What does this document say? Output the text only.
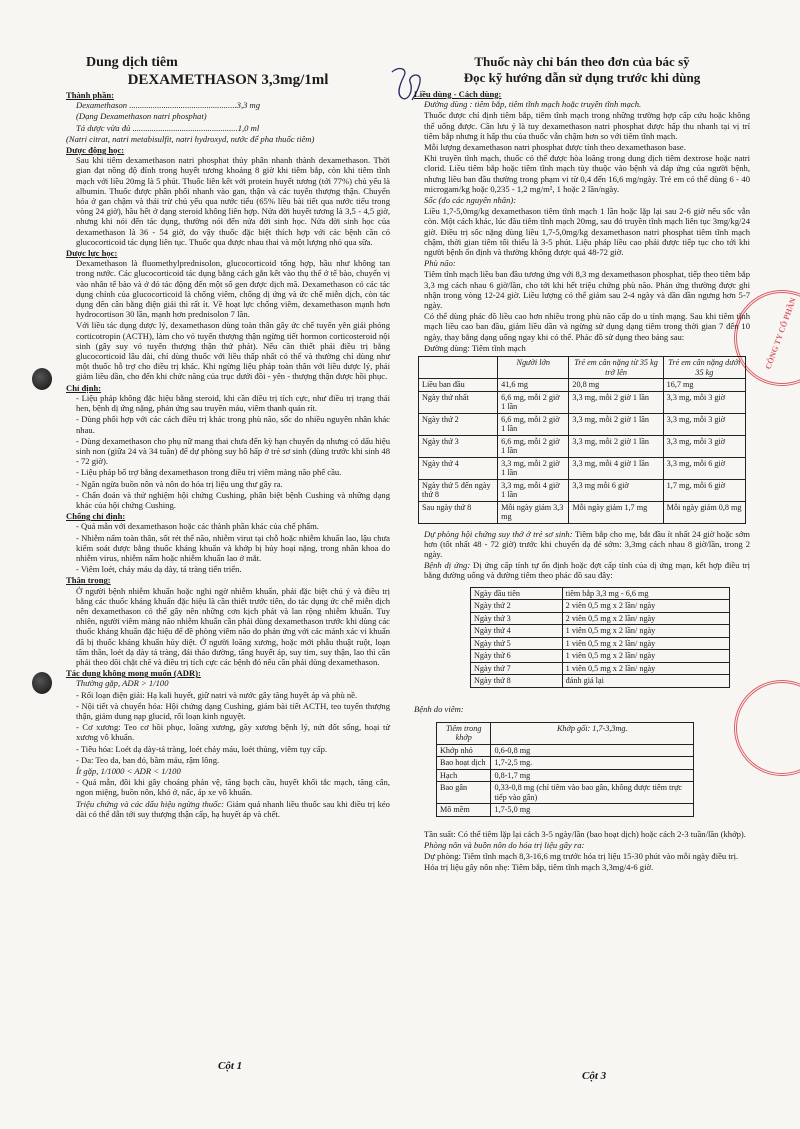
CÔNG TY CỔ PHẦN
Dung dịch tiêm
DEXAMETHASON 3,3mg/1ml
Thành phần:

Dexamethason ..................................................3,3 mg

(Dạng Dexamethason natri phosphat)

Tá dược vừa đủ .................................................1,0 ml

(Natri citrat, natri metabisulfit, natri hydroxyd, nước để pha thuốc tiêm)

Dược động học:

Sau khi tiêm dexamethason natri phosphat thủy phân nhanh thành dexamethason. Thời gian đạt nồng độ đỉnh trong huyết tương khoảng 8 giờ khi tiêm bắp, còn khi tiêm tĩnh mạch với liều 20mg là 5 phút. Thuốc liên kết với protein huyết tương (tới 77%) chủ yếu là albumin. Thuốc được phân phối nhanh vào gan, thận và các tuyến thượng thận. Chuyển hóa ở gan chậm và thải trừ chủ yếu qua nước tiểu (65% liều bài tiết qua nước tiểu trong vòng 24 giờ), hầu hết ở dạng steroid không liên hợp. Nửa đời huyết tương là 3,5 - 4,5 giờ, nhưng khi nói đến tác dụng, thường nói đến nửa đời sinh học. Nửa đời sinh học của dexamethason là 36 - 54 giờ, do vậy thuốc đặc biệt thích hợp với các bệnh cần có glucocorticoid tác dụng liên tục. Thuốc qua được nhau thai và một lượng nhỏ qua sữa.

Dược lực học:

Dexamethason là fluomethylprednisolon, glucocorticoid tổng hợp, hầu như không tan trong nước. Các glucocorticoid tác dụng bằng cách gắn kết vào thụ thể ở tế bào, chuyển vị vào nhân tế bào và ở đó tác động đến một số gen được dịch mã. Dexamethason có các tác dụng chính của glucocorticoid là chống viêm, chống dị ứng và ức chế miễn dịch, còn tác dụng đến cân bằng điện giải thì rất ít. Về hoạt lực chống viêm, dexamethason mạnh hơn hydrocortison 30 lần, mạnh hơn prednisolon 7 lần.

Với liều tác dụng dược lý, dexamethason dùng toàn thân gây ức chế tuyến yên giải phóng corticotropin (ACTH), làm cho vỏ tuyến thượng thận ngừng tiết hormon corticosteroid nội sinh (gây suy vỏ tuyến thượng thận thứ phát). Nếu cần thiết phải điều trị bằng glucocorticoid lâu dài, chỉ dùng thuốc với liều thấp nhất có thể và thường chỉ dùng như một thuốc hỗ trợ cho điều trị khác. Khi ngừng liệu pháp toàn thân với liều dược lý, phải giảm liều dần, cho đến khi chức năng của trục dưới đồi - yên - thượng thận được hồi phục.

Chỉ định:

- Liệu pháp không đặc hiệu bằng steroid, khi cần điều trị tích cực, như điều trị trạng thái hen, bệnh dị ứng nặng, phản ứng sau truyền máu, viêm thanh quản rít.

- Dùng phối hợp với các cách điều trị khác trong phù não, sốc do nhiều nguyên nhân khác nhau.

- Dùng dexamethason cho phụ nữ mang thai chưa đến kỳ hạn chuyển dạ nhưng có dấu hiệu sinh non (giữa 24 và 34 tuần) để dự phòng suy hô hấp ở trẻ sơ sinh (dùng trước khi sinh 48 - 72 giờ).

- Liệu pháp bổ trợ bằng dexamethason trong điều trị viêm màng não phế cầu.

- Ngăn ngừa buồn nôn và nôn do hóa trị liệu ung thư gây ra.

- Chẩn đoán và thử nghiệm hội chứng Cushing, phân biệt bệnh Cushing và những dạng khác của hội chứng Cushing.

Chống chỉ định:

- Quá mẫn với dexamethason hoặc các thành phần khác của chế phẩm.

- Nhiễm nấm toàn thân, sốt rét thể não, nhiễm virut tại chỗ hoặc nhiễm khuẩn lao, lậu chưa kiểm soát được bằng thuốc kháng khuẩn và khớp bị hủy hoại nặng, trong nhãn khoa do nhiễm virus, nhiễm nấm hoặc nhiễm khuẩn lao ở mắt.

- Viêm loét, chảy máu dạ dày, tá tràng tiến triển.

Thận trọng:

Ở người bệnh nhiễm khuẩn hoặc nghi ngờ nhiễm khuẩn, phải đặc biệt chú ý và điều trị bằng các thuốc kháng khuẩn đặc hiệu là cần thiết trước tiên, do tác dụng ức chế miễn dịch nên dexamethason có thể gây nên những cơn kịch phát và lan rộng nhiễm khuẩn. Tuy nhiên, người viêm màng não nhiễm khuẩn cần phải dùng dexamethason trước khi dùng các thuốc kháng khuẩn đặc hiệu để đề phòng viêm não do phản ứng với các mảnh xác vi khuẩn đã bị thuốc kháng khuẩn hủy diệt. Ở người loãng xương, hoặc mới phẫu thuật ruột, loạn tâm thần, loét dạ dày tá tràng, đái tháo đường, tăng huyết áp, suy tim, suy thận, lao thì cần phải theo dõi chặt chẽ và điều trị tích cực các bệnh đó nếu cần phải dùng dexamethason.

Tác dụng không mong muốn (ADR):

Thường gặp, ADR > 1/100

- Rối loạn điện giải: Hạ kali huyết, giữ natri và nước gây tăng huyết áp và phù nề.

- Nội tiết và chuyển hóa: Hội chứng dạng Cushing, giảm bài tiết ACTH, teo tuyến thượng thận, giảm dung nạp glucid, rối loạn kinh nguyệt.

- Cơ xương: Teo cơ hồi phục, loãng xương, gãy xương bệnh lý, nứt đốt sống, hoại tử xương vô khuẩn.

- Tiêu hóa: Loét dạ dày-tá tràng, loét chảy máu, loét thủng, viêm tụy cấp.

- Da: Teo da, ban đỏ, bầm máu, rậm lông.

Ít gặp, 1/1000 < ADR < 1/100

- Quá mẫn, đôi khi gây choáng phản vệ, tăng bạch cầu, huyết khối tắc mạch, tăng cân, ngon miệng, buồn nôn, khó ở, nấc, áp xe vô khuẩn.

Triệu chứng và các dấu hiệu ngừng thuốc: Giảm quá nhanh liều thuốc sau khi điều trị kéo dài có thể dẫn tới suy thượng thận cấp, hạ huyết áp và chết.

Thuốc này chỉ bán theo đơn của bác sỹ
Đọc kỹ hướng dẫn sử dụng trước khi dùng
Liều dùng - Cách dùng:

Đường dùng : tiêm bắp, tiêm tĩnh mạch hoặc truyền tĩnh mạch.

Thuốc được chỉ định tiêm bắp, tiêm tĩnh mạch trong những trường hợp cấp cứu hoặc không thể uống được. Cần lưu ý là tuy dexamethason natri phosphat được hấp thu nhanh tại vị trí tiêm bắp nhưng ít hấp thu của thuốc vẫn chậm hơn so với tiêm tĩnh mạch.

Mỗi lượng dexamethason natri phosphat được tính theo dexamethason base.

Khi truyền tĩnh mạch, thuốc có thể được hòa loãng trong dung dịch tiêm dextrose hoặc natri clorid. Liều tiêm bắp hoặc tiêm tĩnh mạch tùy thuộc vào bệnh và đáp ứng của người bệnh, nhưng liều ban đầu thường trong phạm vi từ 0,4 đến 16,6 mg/ngày. Trẻ em có thể dùng 6 - 40 microgam/kg hoặc 0,235 - 1,2 mg/m², 1 hoặc 2 lần/ngày.

Sốc (do các nguyên nhân):

Liều 1,7-5,0mg/kg dexamethason tiêm tĩnh mạch 1 lần hoặc lặp lại sau 2-6 giờ nếu sốc vẫn còn. Một cách khác, lúc đầu tiêm tĩnh mạch 20mg, sau đó truyền tĩnh mạch liên tục 3mg/kg/24 giờ. Điều trị sốc nặng dùng liều 1,7-5,0mg/kg dexamethason natri phosphat tiêm tĩnh mạch chậm, thời gian tiêm tối thiểu là 3-5 phút. Liệu pháp liều cao phải được tiếp tục cho tới khi người bệnh ổn định và thường không được quá 48-72 giờ.

Phù não:

Tiêm tĩnh mạch liều ban đầu tương ứng với 8,3 mg dexamethason phosphat, tiếp theo tiêm bắp 3,3 mg cách nhau 6 giờ/lần, cho tới khi hết triệu chứng phù não. Phản ứng thường được ghi nhận trong vòng 12-24 giờ. Liều lượng có thể giảm sau 2-4 ngày và dần dần ngưng hơn 5-7 ngày.

Có thể dùng phác đồ liều cao hơn nhiều trong phù não cấp do u tính mạng. Sau khi tiêm tĩnh mạch liều cao ban đầu, giảm liều dần và ngừng sử dụng dạng tiêm trong thời gian 7 đến 10 ngày, thay bằng dạng uống ngay khi có thể. Phác đồ sử dụng theo bảng sau:

Đường dùng: Tiêm tĩnh mạch

	Người lớn	Trẻ em cân nặng từ 35 kg trở lên	Trẻ em cân nặng dưới 35 kg
Liều ban đầu	41,6 mg	20,8 mg	16,7 mg
Ngày thứ nhất	6,6 mg, mỗi 2 giờ 1 lần	3,3 mg, mỗi 2 giờ 1 lần	3,3 mg, mỗi 3 giờ
Ngày thứ 2	6,6 mg, mỗi 2 giờ 1 lần	3,3 mg, mỗi 2 giờ 1 lần	3,3 mg, mỗi 3 giờ
Ngày thứ 3	6,6 mg, mỗi 2 giờ 1 lần	3,3 mg, mỗi 2 giờ 1 lần	3,3 mg, mỗi 3 giờ
Ngày thứ 4	3,3 mg, mỗi 2 giờ 1 lần	3,3 mg, mỗi 4 giờ 1 lần	3,3 mg, mỗi 6 giờ
Ngày thứ 5 đến ngày thứ 8	3,3 mg, mỗi 4 giờ 1 lần	3,3 mg mỗi 6 giờ	1,7 mg, mỗi 6 giờ
Sau ngày thứ 8	Mỗi ngày giảm 3,3 mg	Mỗi ngày giảm 1,7 mg	Mỗi ngày giảm 0,8 mg

Dự phòng hội chứng suy thở ở trẻ sơ sinh: Tiêm bắp cho mẹ, bắt đầu ít nhất 24 giờ hoặc sớm hơn (tốt nhất 48 - 72 giờ) trước khi chuyển dạ đẻ sớm: 3,3mg cách nhau 8 giờ/lần, trong 2 ngày.

Bệnh dị ứng: Dị ứng cấp tính tự ổn định hoặc đợt cấp tính của dị ứng mạn, kết hợp điều trị bằng đường uống và đường tiêm theo phác đồ sau đây:

Ngày đầu tiên	tiêm bắp 3,3 mg - 6,6 mg
Ngày thứ 2	2 viên 0,5 mg x 2 lần/ ngày
Ngày thứ 3	2 viên 0,5 mg x 2 lần/ ngày
Ngày thứ 4	1 viên 0,5 mg x 2 lần/ ngày
Ngày thứ 5	1 viên 0,5 mg x 2 lần/ ngày
Ngày thứ 6	1 viên 0,5 mg x 2 lần/ ngày
Ngày thứ 7	1 viên 0,5 mg x 2 lần/ ngày
Ngày thứ 8	đánh giá lại

Bệnh do viêm:

Tiêm trong khớp	Khớp gối: 1,7-3,3mg.
Khớp nhỏ	0,6-0,8 mg
Bao hoạt dịch	1,7-2,5 mg.
Hạch	0,8-1,7 mg
Bao gân	0,33-0,8 mg (chỉ tiêm vào bao gân, không được tiêm trực tiếp vào gân)
Mô mềm	1,7-5,0 mg

Tần suất: Có thể tiêm lặp lại cách 3-5 ngày/lần (bao hoạt dịch) hoặc cách 2-3 tuần/lần (khớp).

Phòng nôn và buồn nôn do hóa trị liệu gây ra:

Dự phòng: Tiêm tĩnh mạch 8,3-16,6 mg trước hóa trị liệu 15-30 phút vào mỗi ngày điều trị.

Hóa trị liệu gây nôn nhẹ: Tiêm bắp, tiêm tĩnh mạch 3,3mg/4-6 giờ.

Cột 1
Cột 3
